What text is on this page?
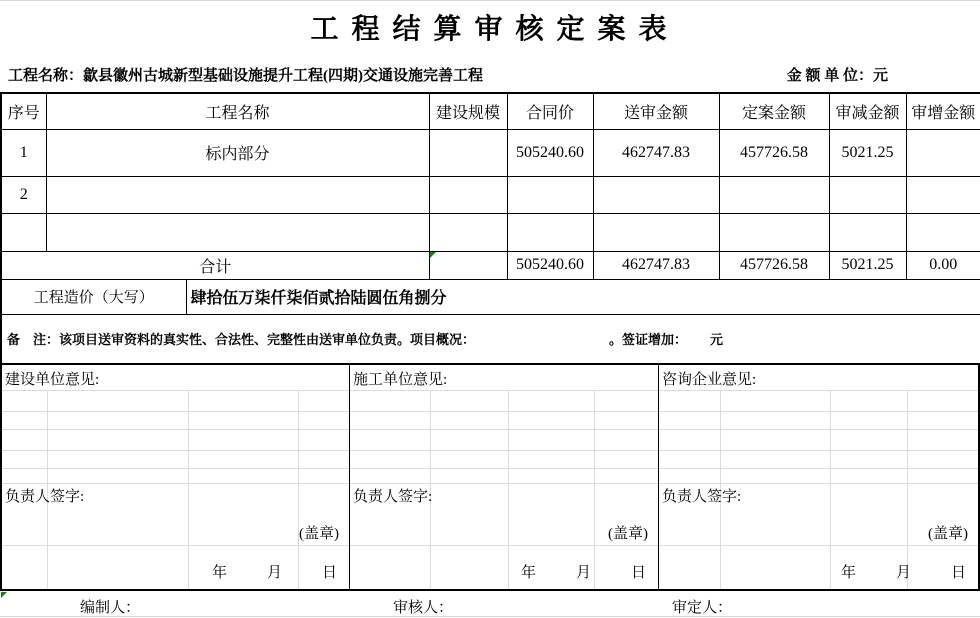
工 程 结 算 审 核 定 案 表
工程名称：歙县徽州古城新型基础设施提升工程(四期)交通设施完善工程	金 额 单 位：元
序号	工程名称		建设规模	合同价	送审金额	定案金额	审减金额	审增金额
1	标内部分			505240.60	462747.83	457726.58	5021.25	
2								

合计				505240.60	462747.83	457726.58	5021.25	0.00
工程造价（大写）		肆拾伍万柒仟柒佰贰拾陆圆伍角捌分						
备　注：该项目送审资料的真实性、合法性、完整性由送审单位负责。项目概况： 。签证增加： 元								
建设单位意见:
负责人签字:
(盖章)
年	月	日
施工单位意见:
负责人签字:
(盖章)
年	月	日
咨询企业意见:
负责人签字:
(盖章)
年	月	日
编制人：	审核人：	审定人：
